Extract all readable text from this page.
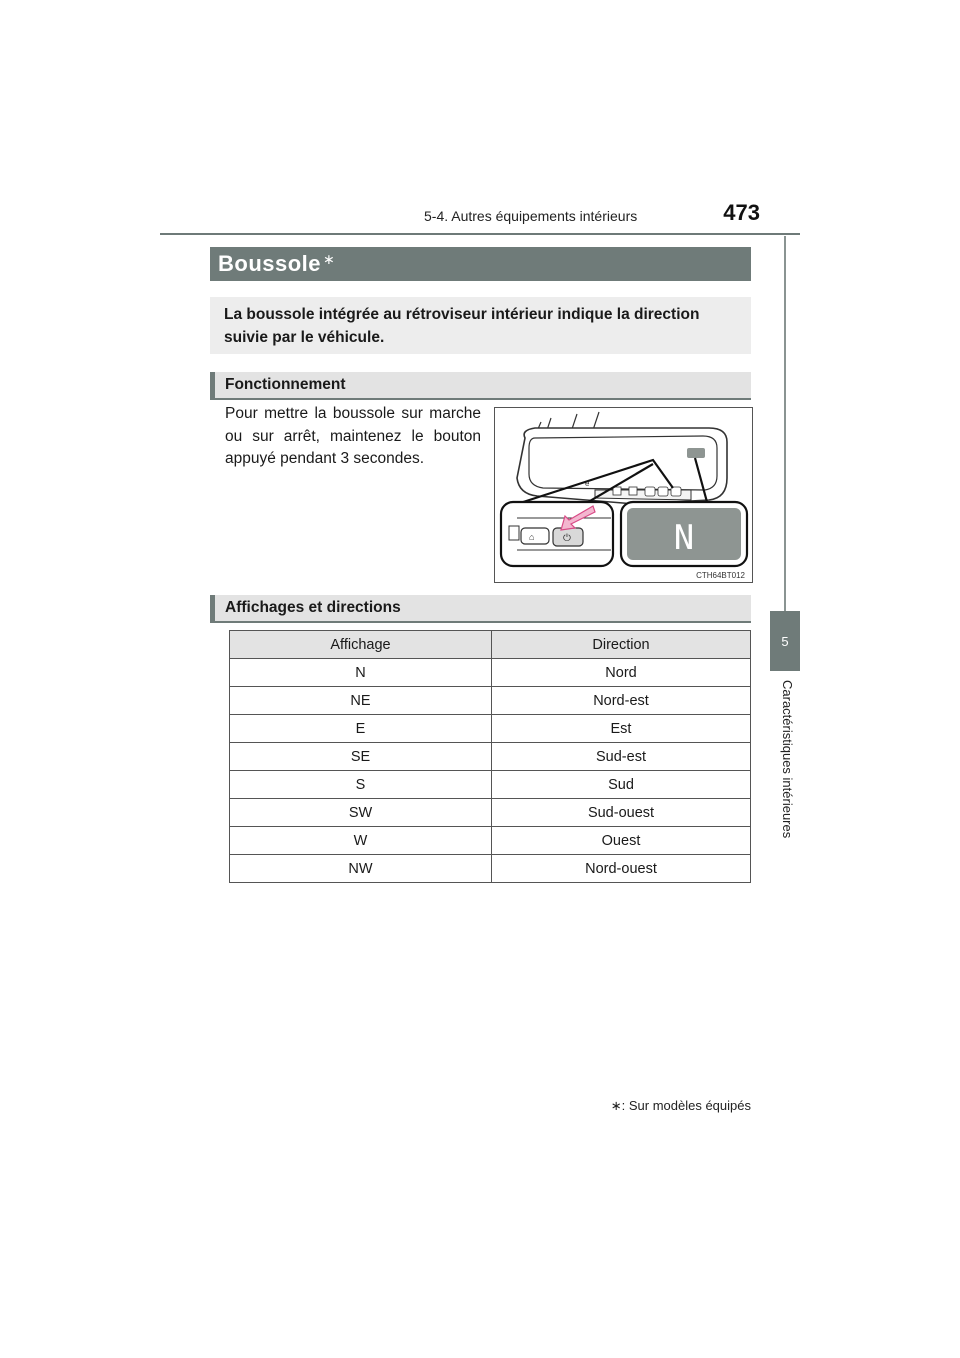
5-4. Autres équipements intérieurs	473
5
Caractéristiques intérieures
Boussole ∗
La boussole intégrée au rétroviseur intérieur indique la direction suivie par le véhicule.
Fonctionnement
Pour mettre la boussole sur marche ou sur arrêt, maintenez le bouton appuyé pendant 3 secondes.
e
⌂	⏻	N
CTH64BT012
Affichages et directions
Affichage	Direction
N	Nord
NE	Nord-est
E	Est
SE	Sud-est
S	Sud
SW	Sud-ouest
W	Ouest
NW	Nord-ouest
∗: Sur modèles équipés
